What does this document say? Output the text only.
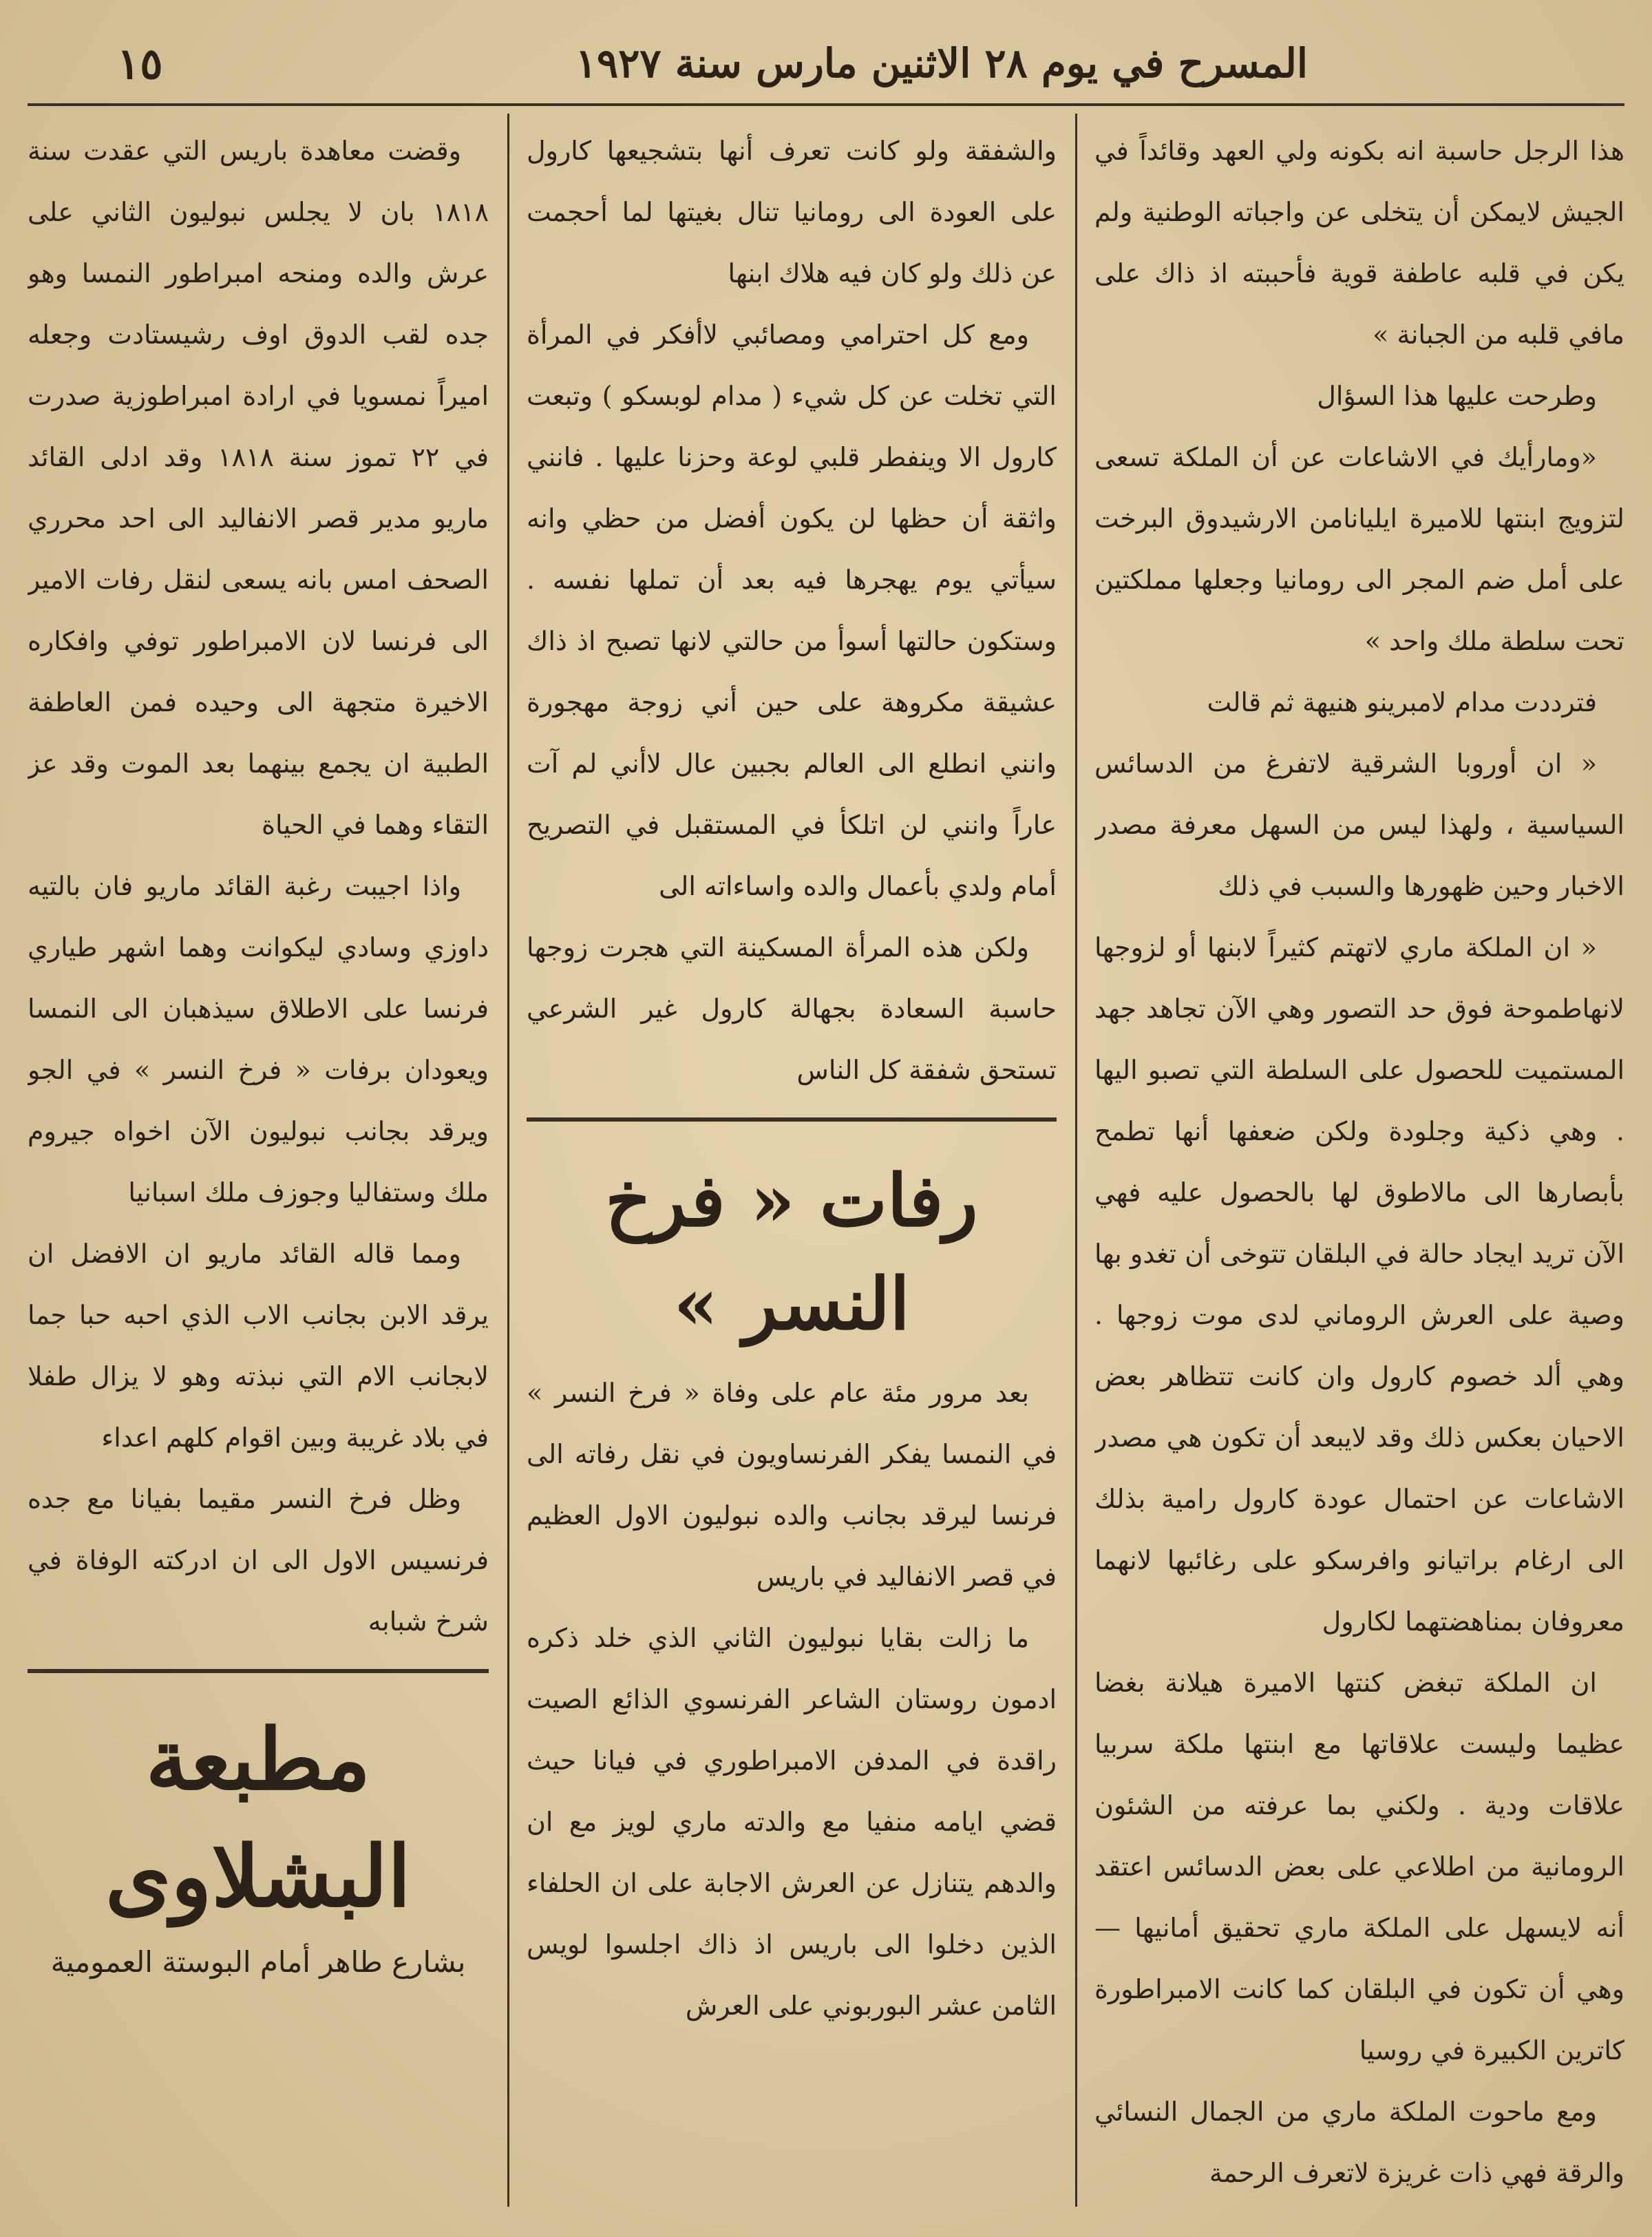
المسرح في يوم ٢٨ الاثنين مارس سنة ١٩٢٧
١٥

هذا الرجل حاسبة انه بكونه ولي العهد وقائداً في الجيش لايمكن أن يتخلى عن واجباته الوطنية ولم يكن في قلبه عاطفة قوية فأحببته اذ ذاك على مافي قلبه من الجبانة »

وطرحت عليها هذا السؤال

«ومارأيك في الاشاعات عن أن الملكة تسعى لتزويج ابنتها للاميرة ايليانامن الارشيدوق البرخت على أمل ضم المجر الى رومانيا وجعلها مملكتين تحت سلطة ملك واحد »

فترددت مدام لامبرينو هنيهة ثم قالت

« ان أوروبا الشرقية لاتفرغ من الدسائس السياسية ، ولهذا ليس من السهل معرفة مصدر الاخبار وحين ظهورها والسبب في ذلك

« ان الملكة ماري لاتهتم كثيراً لابنها أو لزوجها لانهاطموحة فوق حد التصور وهي الآن تجاهد جهد المستميت للحصول على السلطة التي تصبو اليها . وهي ذكية وجلودة ولكن ضعفها أنها تطمح بأبصارها الى مالاطوق لها بالحصول عليه فهي الآن تريد ايجاد حالة في البلقان تتوخى أن تغدو بها وصية على العرش الروماني لدى موت زوجها . وهي ألد خصوم كارول وان كانت تتظاهر بعض الاحيان بعكس ذلك وقد لايبعد أن تكون هي مصدر الاشاعات عن احتمال عودة كارول رامية بذلك الى ارغام براتيانو وافرسكو على رغائبها لانهما معروفان بمناهضتهما لكارول

ان الملكة تبغض كنتها الاميرة هيلانة بغضا عظيما وليست علاقاتها مع ابنتها ملكة سربيا علاقات ودية . ولكني بما عرفته من الشئون الرومانية من اطلاعي على بعض الدسائس اعتقد أنه لايسهل على الملكة ماري تحقيق أمانيها — وهي أن تكون في البلقان كما كانت الامبراطورة كاترين الكبيرة في روسيا

ومع ماحوت الملكة ماري من الجمال النسائي والرقة فهي ذات غريزة لاتعرف الرحمة

والشفقة ولو كانت تعرف أنها بتشجيعها كارول على العودة الى رومانيا تنال بغيتها لما أحجمت عن ذلك ولو كان فيه هلاك ابنها

ومع كل احترامي ومصائبي لاأفكر في المرأة التي تخلت عن كل شيء ( مدام لوبسكو ) وتبعت كارول الا وينفطر قلبي لوعة وحزنا عليها . فانني واثقة أن حظها لن يكون أفضل من حظي وانه سيأتي يوم يهجرها فيه بعد أن تملها نفسه . وستكون حالتها أسوأ من حالتي لانها تصبح اذ ذاك عشيقة مكروهة على حين أني زوجة مهجورة وانني انطلع الى العالم بجبين عال لاأني لم آت عاراً وانني لن اتلكأ في المستقبل في التصريح أمام ولدي بأعمال والده واساءاته الى

ولكن هذه المرأة المسكينة التي هجرت زوجها حاسبة السعادة بجهالة كارول غير الشرعي تستحق شفقة كل الناس

رفات « فرخ النسر »

بعد مرور مئة عام على وفاة « فرخ النسر » في النمسا يفكر الفرنساويون في نقل رفاته الى فرنسا ليرقد بجانب والده نبوليون الاول العظيم في قصر الانفاليد في باريس

ما زالت بقايا نبوليون الثاني الذي خلد ذكره ادمون روستان الشاعر الفرنسوي الذائع الصيت راقدة في المدفن الامبراطوري في فيانا حيث قضي ايامه منفيا مع والدته ماري لويز مع ان والدهم يتنازل عن العرش الاجابة على ان الحلفاء الذين دخلوا الى باريس اذ ذاك اجلسوا لويس الثامن عشر البوربوني على العرش

وقضت معاهدة باريس التي عقدت سنة ١٨١٨ بان لا يجلس نبوليون الثاني على عرش والده ومنحه امبراطور النمسا وهو جده لقب الدوق اوف رشيستادت وجعله اميراً نمسويا في ارادة امبراطوزية صدرت في ٢٢ تموز سنة ١٨١٨ وقد ادلى القائد ماريو مدير قصر الانفاليد الى احد محرري الصحف امس بانه يسعى لنقل رفات الامير الى فرنسا لان الامبراطور توفي وافكاره الاخيرة متجهة الى وحيده فمن العاطفة الطبية ان يجمع بينهما بعد الموت وقد عز التقاء وهما في الحياة

واذا اجيبت رغبة القائد ماريو فان بالتيه داوزي وسادي ليكوانت وهما اشهر طياري فرنسا على الاطلاق سيذهبان الى النمسا ويعودان برفات « فرخ النسر » في الجو ويرقد بجانب نبوليون الآن اخواه جيروم ملك وستفاليا وجوزف ملك اسبانيا

ومما قاله القائد ماريو ان الافضل ان يرقد الابن بجانب الاب الذي احبه حبا جما لابجانب الام التي نبذته وهو لا يزال طفلا في بلاد غريبة وبين اقوام كلهم اعداء

وظل فرخ النسر مقيما بفيانا مع جده فرنسيس الاول الى ان ادركته الوفاة في شرخ شبابه

مطبعة البشلاوى
بشارع طاهر أمام البوستة العمومية
